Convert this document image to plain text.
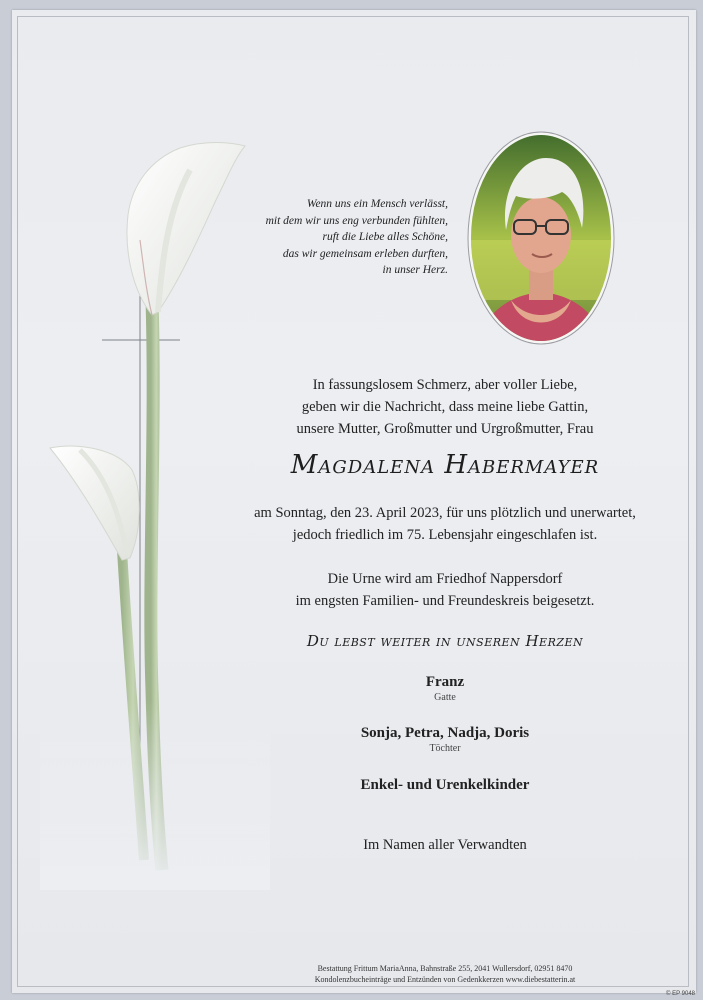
Wenn uns ein Mensch verlässt,
mit dem wir uns eng verbunden fühlten,
ruft die Liebe alles Schöne,
das wir gemeinsam erleben durften,
in unser Herz.
In fassungslosem Schmerz, aber voller Liebe,
geben wir die Nachricht, dass meine liebe Gattin,
unsere Mutter, Großmutter und Urgroßmutter, Frau
Magdalena Habermayer
am Sonntag, den 23. April 2023, für uns plötzlich und unerwartet,
jedoch friedlich im 75. Lebensjahr eingeschlafen ist.
Die Urne wird am Friedhof Nappersdorf
im engsten Familien- und Freundeskreis beigesetzt.
Du lebst weiter in unseren Herzen
Franz
Gatte
Sonja, Petra, Nadja, Doris
Töchter
Enkel- und Urenkelkinder
Im Namen aller Verwandten
Bestattung Frittum MariaAnna, Bahnstraße 255, 2041 Wullersdorf, 02951 8470
Kondolenzbucheinträge und Entzünden von Gedenkkerzen www.diebestatterin.at
© EP 9048
